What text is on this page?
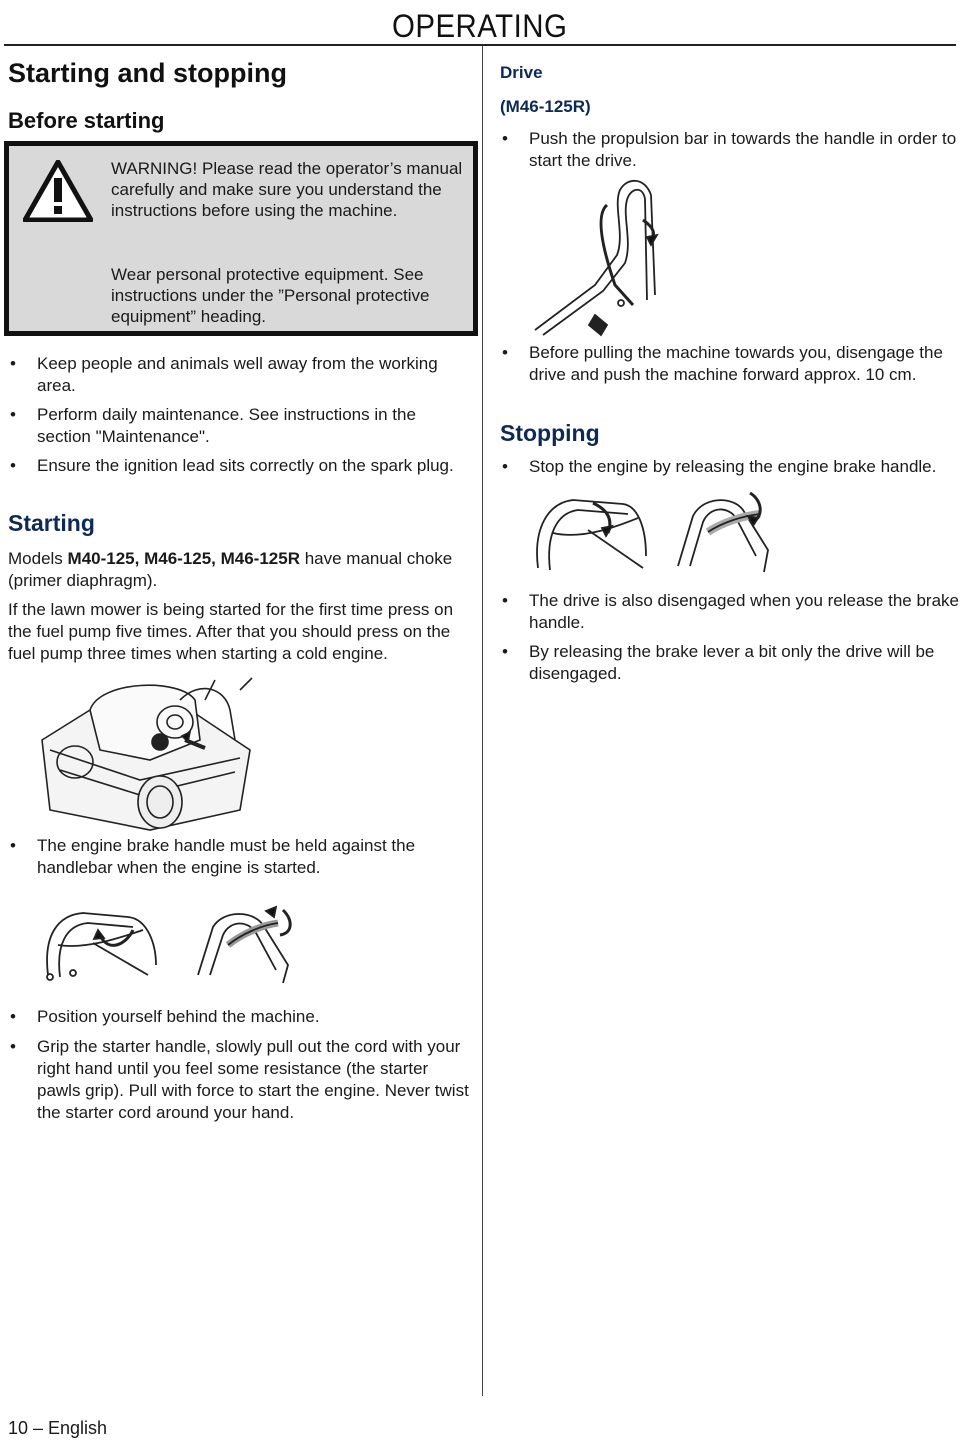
OPERATING
Starting and stopping
Before starting
WARNING! Please read the operator’s manual carefully and make sure you understand the instructions before using the machine.
Wear personal protective equipment. See instructions under the ”Personal protective equipment” heading.
• Keep people and animals well away from the working area.
• Perform daily maintenance. See instructions in the section "Maintenance".
• Ensure the ignition lead sits correctly on the spark plug.
Starting
Models M40-125, M46-125, M46-125R have manual choke (primer diaphragm).
If the lawn mower is being started for the first time press on the fuel pump five times. After that you should press on the fuel pump three times when starting a cold engine.
• The engine brake handle must be held against the handlebar when the engine is started.
• Position yourself behind the machine.
• Grip the starter handle, slowly pull out the cord with your right hand until you feel some resistance (the starter pawls grip). Pull with force to start the engine. Never twist the starter cord around your hand.
Drive
(M46-125R)
• Push the propulsion bar in towards the handle in order to start the drive.
• Before pulling the machine towards you, disengage the drive and push the machine forward approx. 10 cm.
Stopping
• Stop the engine by releasing the engine brake handle.
• The drive is also disengaged when you release the brake handle.
• By releasing the brake lever a bit only the drive will be disengaged.
10 – English
